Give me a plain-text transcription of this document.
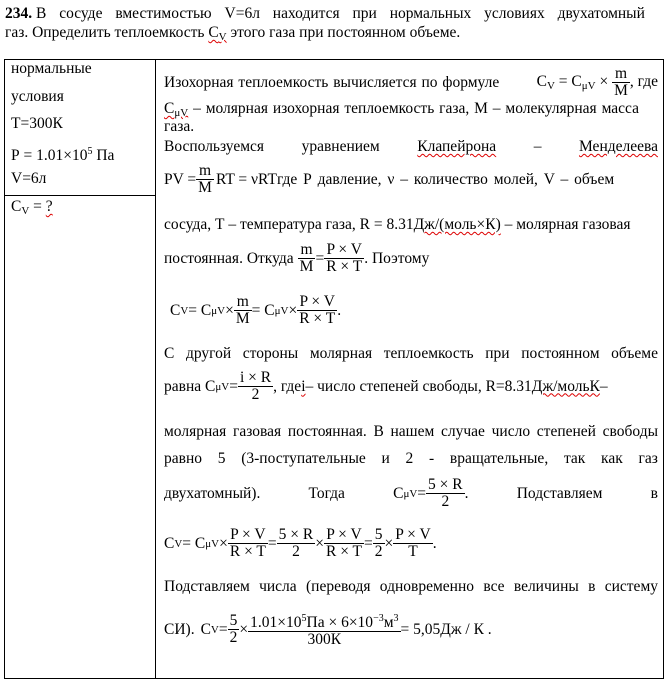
234. В сосуде вместимостью V=6л находится при нормальных условиях двухатомный
газ. Определить теплоемкость $С_V$ этого газа при постоянном объеме.
нормальные
условия
Т=300К
$Р = 1.01\times 10^5$ Па
V=6л
$С_V$ = ?
Изохорная теплоемкость вычисляется по формуле $С_V = С_{\mu V} \times \frac{m}{M}$ , где
$С_{\mu V}$ – молярная изохорная теплоемкость газа, М – молекулярная масса
газа.
Воспользуемся уравнением Клапейрона – Менделеева
PV = $\frac{m}{M}$ RT = νRT где Р давление, ν – количество молей, V – объем
сосуда, Т – температура газа, R = 8.31Дж/(моль×К) – молярная газовая
постоянная. Откуда $\frac{m}{M} = \frac{P \times V}{R \times T}$ . Поэтому
С V = С $\mu V \times \frac{m}{M} = С$ $\mu V \times \frac{P \times V}{R \times T}$ .
С другой стороны молярная теплоемкость при постоянном объеме
равна С $\mu V = \frac{i \times R}{2}$ , где i – число степеней свободы, R=8.31 Дж/мольК –
молярная газовая постоянная. В нашем случае число степеней свободы
равно 5 (3-поступательные и 2 - вращательные, так как газ
двухатомный).	Тогда	С $\mu V = \frac{5 \times R}{2}$ .	Подставляем	в
С V = С $\mu V \times \frac{P \times V}{R \times T} = \frac{5 \times R}{2} \times \frac{P \times V}{R \times T} = \frac{5}{2} \times \frac{P \times V}{T}$ .
Подставляем числа (переводя одновременно все величины в систему
СИ). С $V = \frac{5}{2} \times \frac{1.01\times 10^5Па \times 6\times 10^{-3}м^3}{300К} = 5,05Дж / К$ .
